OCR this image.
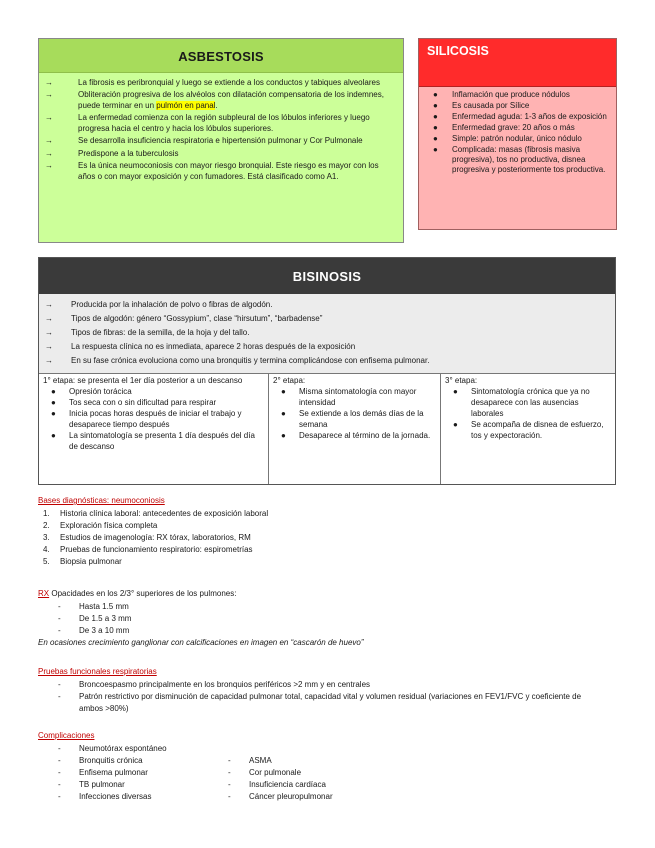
ASBESTOSIS
→	La fibrosis es peribronquial y luego se extiende a los conductos y tabiques alveolares
→	Obliteración progresiva de los alvéolos con dilatación compensatoria de los indemnes, puede terminar en un pulmón en panal.
→	La enfermedad comienza con la región subpleural de los lóbulos inferiores y luego progresa hacia el centro y hacia los lóbulos superiores.
→	Se desarrolla insuficiencia respiratoria e hipertensión pulmonar y Cor Pulmonale
→	Predispone a la tuberculosis
→	Es la única neumoconiosis con mayor riesgo bronquial. Este riesgo es mayor con los años o con mayor exposición y con fumadores. Está clasificado como A1.
SILICOSIS
● Inflamación que produce nódulos
● Es causada por Sílice
● Enfermedad aguda: 1-3 años de exposición
● Enfermedad grave: 20 años o más
● Simple: patrón nodular, único nódulo
● Complicada: masas (fibrosis masiva progresiva), tos no productiva, disnea progresiva y posteriormente tos productiva.
BISINOSIS
→ Producida por la inhalación de polvo o fibras de algodón.
→ Tipos de algodón: género “Gossypium”, clase “hirsutum”, “barbadense”
→ Tipos de fibras: de la semilla, de la hoja y del tallo.
→ La respuesta clínica no es inmediata, aparece 2 horas después de la exposición
→ En su fase crónica evoluciona como una bronquitis y termina complicándose con enfisema pulmonar.
1° etapa: se presenta el 1er día posterior a un descanso
● Opresión torácica
● Tos seca con o sin dificultad para respirar
● Inicia pocas horas después de iniciar el trabajo y desaparece tiempo después
● La sintomatología se presenta 1 día después del día de descanso
2° etapa:
● Misma sintomatología con mayor intensidad
● Se extiende a los demás días de la semana
● Desaparece al término de la jornada.
3° etapa:
● Sintomatología crónica que ya no desaparece con las ausencias laborales
● Se acompaña de disnea de esfuerzo, tos y expectoración.
Bases diagnósticas: neumoconiosis
1. Historia clínica laboral: antecedentes de exposición laboral
2. Exploración física completa
3. Estudios de imagenología: RX tórax, laboratorios, RM
4. Pruebas de funcionamiento respiratorio: espirometrías
5. Biopsia pulmonar
RX Opacidades en los 2/3° superiores de los pulmones:
- Hasta 1.5 mm
- De 1.5 a 3 mm
- De 3 a 10 mm
En ocasiones crecimiento ganglionar con calcificaciones en imagen en “cascarón de huevo”
Pruebas funcionales respiratorias
- Broncoespasmo principalmente en los bronquios periféricos >2 mm y en centrales
- Patrón restrictivo por disminución de capacidad pulmonar total, capacidad vital y volumen residual (variaciones en FEV1/FVC y coeficiente de ambos >80%)
Complicaciones
- Neumotórax espontáneo
- Bronquitis crónica
- Enfisema pulmonar
- TB pulmonar
- Infecciones diversas
- ASMA
- Cor pulmonale
- Insuficiencia cardíaca
- Cáncer pleuropulmonar
